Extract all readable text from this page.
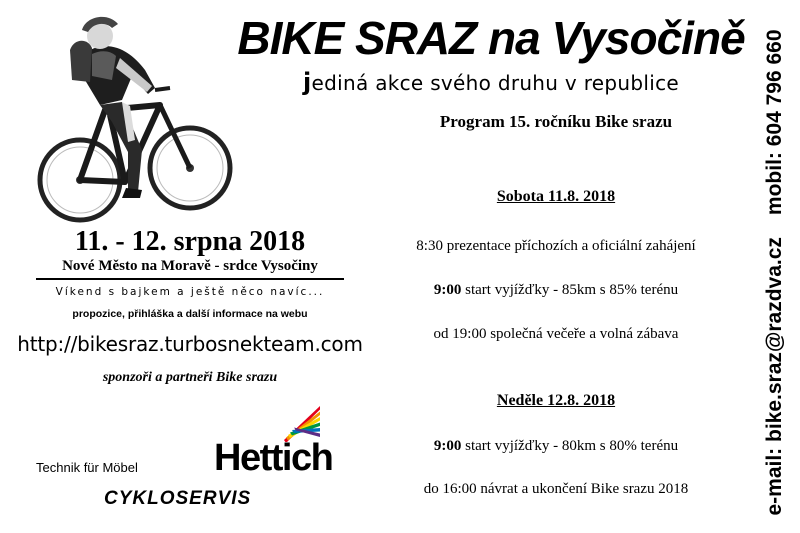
BIKE SRAZ na Vysočině
jediná akce svého druhu v republice
Program 15. ročníku Bike srazu
Sobota 11.8. 2018
8:30 prezentace příchozích a oficiální zahájení
9:00 start vyjížďky - 85km s 85% terénu
od 19:00 společná večeře a volná zábava
Neděle 12.8. 2018
9:00 start vyjížďky - 80km s 80% terénu
do 16:00 návrat a ukončení Bike srazu 2018
11. - 12. srpna 2018
Nové Město na Moravě - srdce Vysočiny
Víkend s bajkem a ještě něco navíc...
propozice, přihláška a další informace na webu
http://bikesraz.turbosnekteam.com
sponzoři a partneři Bike srazu
Technik für Möbel Hettich
CYKLOSERVIS	e-mail: bike.sraz@razdva.czmobil: 604 796 660
